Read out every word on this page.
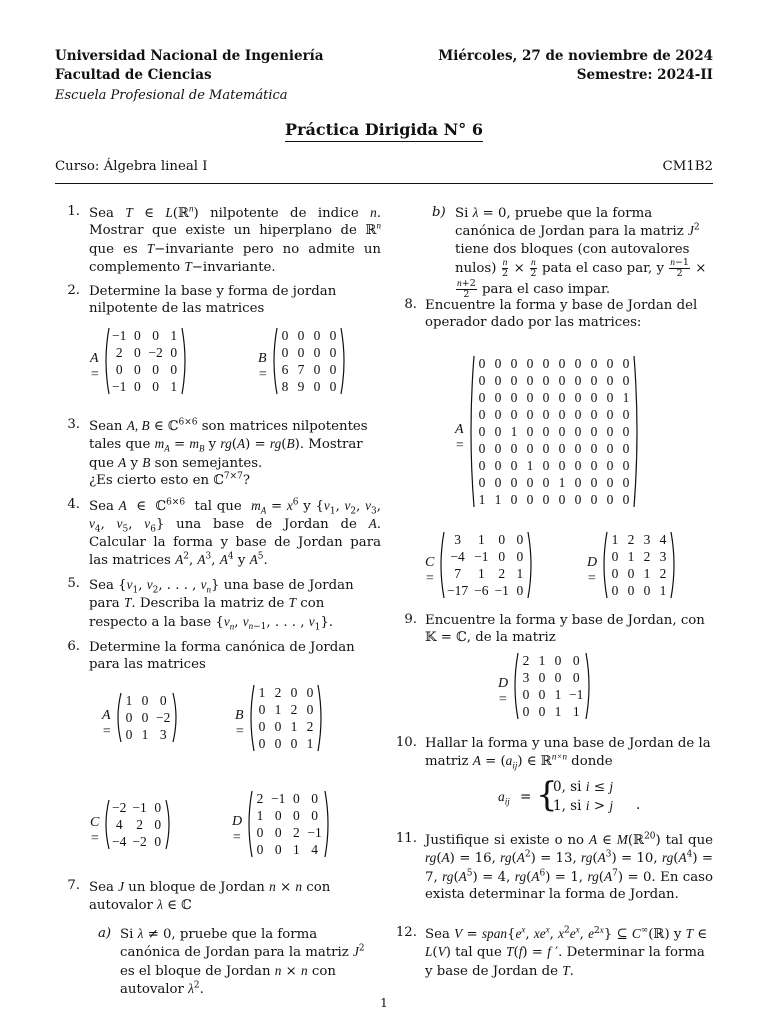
Universidad Nacional de Ingeniería
Facultad de Ciencias
Escuela Profesional de Matemática
Miércoles, 27 de noviembre de 2024
Semestre: 2024-II
Práctica Dirigida N° 6
Curso: Álgebra lineal I	CM1B2
1. Sea T ∈ L(ℝ$^n$) nilpotente de indice n. Mostrar que existe un hiperplano de ℝ$^n$ que es T−invariante pero no admite un complemento T−invariante.
2. Determine la base y forma de jordan nilpotente de las matrices
A =
−1	0	0	1
2	0	−2	0
0	0	0	0
−1	0	0	1
B =
0	0	0	0
0	0	0	0
6	7	0	0
8	9	0	0
3. Sean A, B ∈ ℂ$^{6\times 6}$ son matrices nilpotentes tales que $m_A = m_B$ y rg(A) = rg(B). Mostrar que A y B son semejantes.
¿Es cierto esto en ℂ$^{7\times 7}$?
4. Sea A  ∈  ℂ$^{6\times 6}$  tal que  $m_A = x^6$ y {$v_1$, $v_2$, $v_3$, $v_4$, $v_5$, $v_6$} una base de Jordan de A. Calcular la forma y base de Jordan para las matrices $A^2$, $A^3$, $A^4$ y $A^5$.
5. Sea {$v_1$, $v_2$, . . . , $v_n$} una base de Jordan para T. Describa la matriz de T con respecto a la base {$v_n$, $v_{n-1}$, . . . , $v_1$}.
6. Determine la forma canónica de Jordan para las matrices
A =
1	0	0
0	0	−2
0	1	3
B =
1	2	0	0
0	1	2	0
0	0	1	2
0	0	0	1
C =
−2	−1	0
4	2	0
−4	−2	0
D =
2	−1	0	0
1	0	0	0
0	0	2	−1
0	0	1	4
7. Sea J un bloque de Jordan n × n con autovalor λ ∈ ℂ
a) Si λ ≠ 0, pruebe que la forma canónica de Jordan para la matriz $J^2$ es el bloque de Jordan n × n con autovalor $\lambda^2$.
b) Si λ = 0, pruebe que la forma canónica de Jordan para la matriz $J^2$ tiene dos bloques (con autovalores nulos) $\frac{n}{2} \times \frac{n}{2}$ pata el caso par, y $\frac{n-1}{2}$ ×
$\frac{n+2}{2}$ para el caso impar.
8. Encuentre la forma y base de Jordan del operador dado por las matrices:
A =
0	0	0	0	0	0	0	0	0	0
0	0	0	0	0	0	0	0	0	0
0	0	0	0	0	0	0	0	0	1
0	0	0	0	0	0	0	0	0	0
0	0	1	0	0	0	0	0	0	0
0	0	0	0	0	0	0	0	0	0
0	0	0	1	0	0	0	0	0	0
0	0	0	0	0	1	0	0	0	0
1	1	0	0	0	0	0	0	0	0
C =
3	1	0	0
−4	−1	0	0
7	1	2	1
−17	−6	−1	0
D =
1	2	3	4
0	1	2	3
0	0	1	2
0	0	0	1
9. Encuentre la forma y base de Jordan, con 𝕂 = ℂ, de la matriz
D =
2	1	0	0
3	0	0	0
0	0	1	−1
0	0	1	1
10. Hallar la forma y una base de Jordan de la matriz $A = (a_{ij})$ ∈ ℝ$^{n\times n}$ donde
$a_{ij}$ = {
0, si i ≤ j
1, si i > j .
11. Justifique si existe o no A ∈ M(ℝ$^{20}$) tal que rg(A) = 16, $rg(A^2) = 13$, $rg(A^3) = 10$, $rg(A^4) = 7$, $rg(A^5) = 4$, $rg(A^6) = 1$, $rg(A^7) = 0$. En caso exista determinar la forma de Jordan.
12. Sea $V = span\{e^x$, $xe^x$, $x^2e^x$, $e^{2x}$} ⊆ C∞(ℝ) y T ∈ L(V) tal que T(f) = f ′. Determinar la forma y base de Jordan de T.
1
